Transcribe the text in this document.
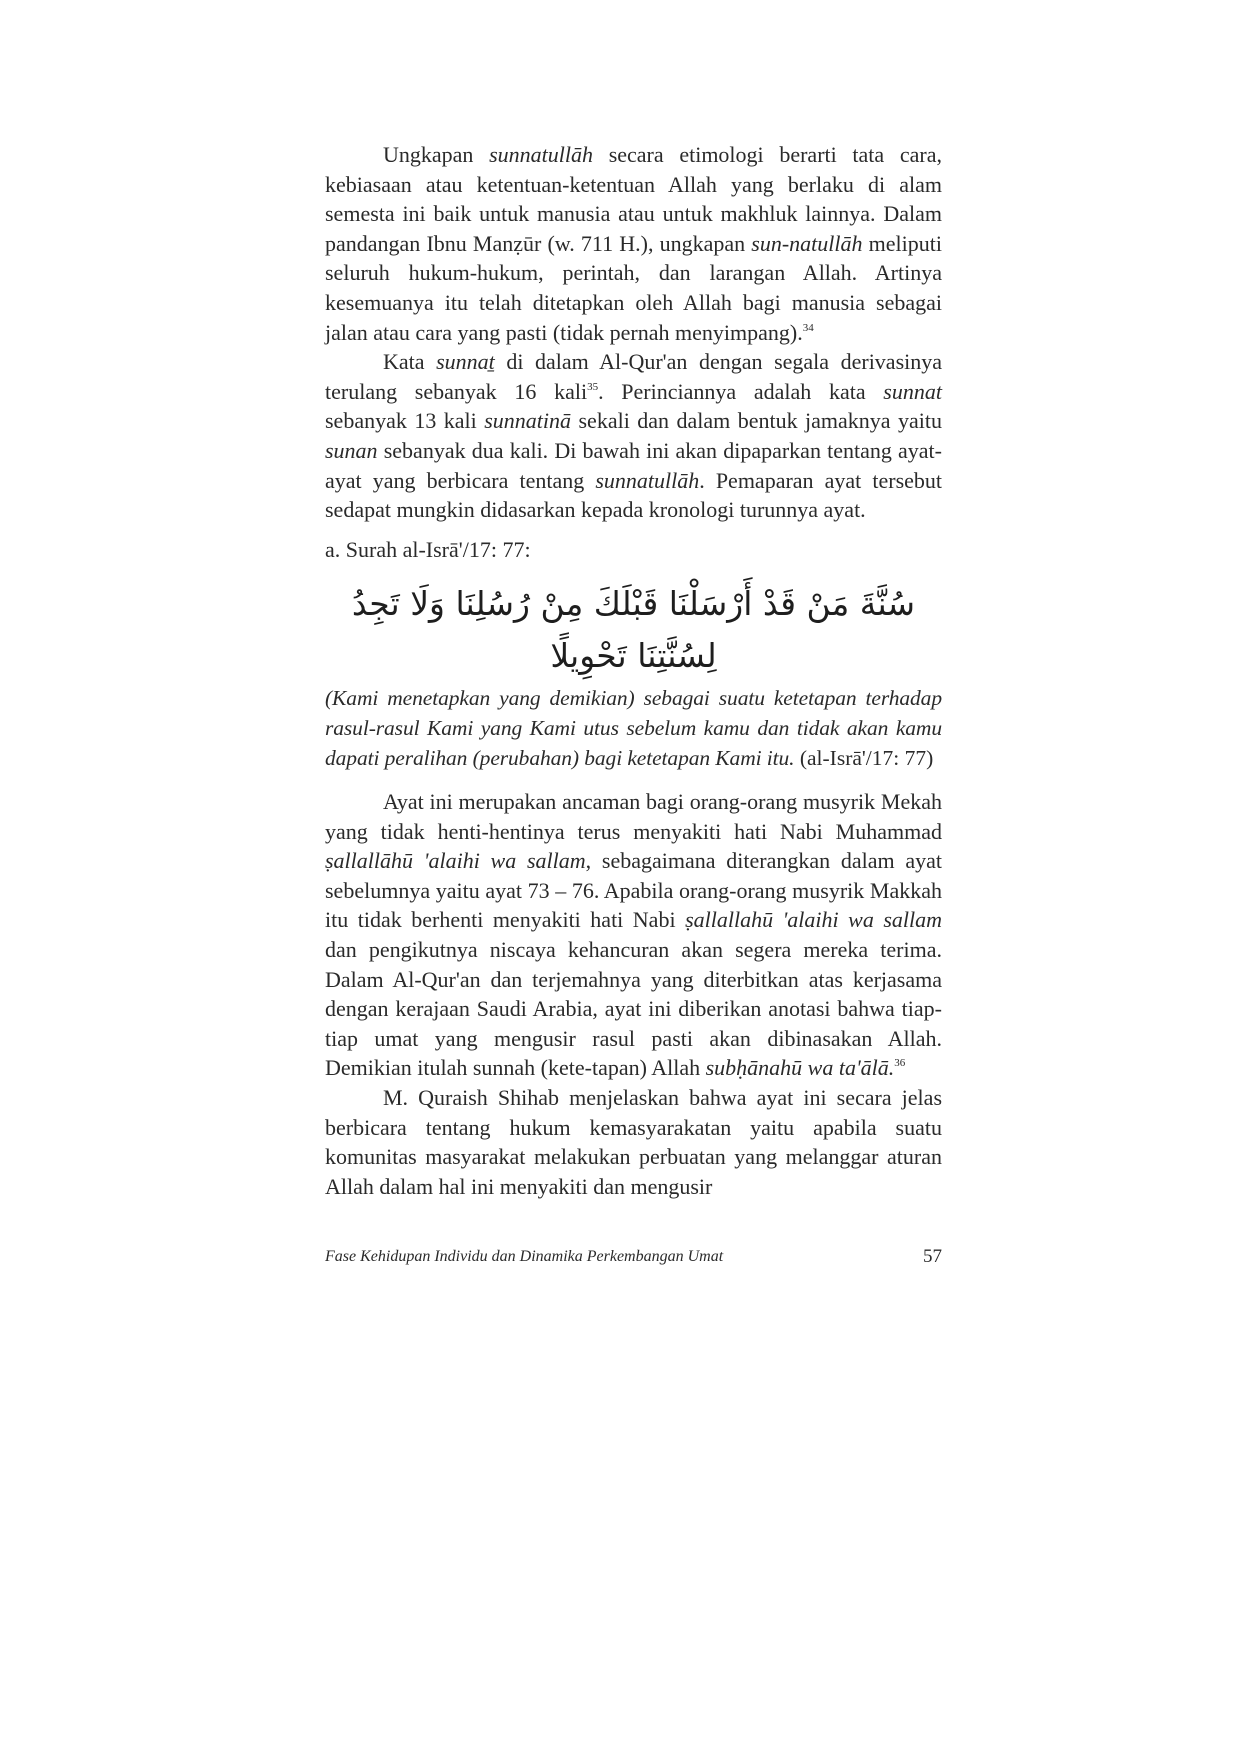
Ungkapan sunnatullāh secara etimologi berarti tata cara, kebiasaan atau ketentuan-ketentuan Allah yang berlaku di alam semesta ini baik untuk manusia atau untuk makhluk lainnya. Dalam pandangan Ibnu Manẓūr (w. 711 H.), ungkapan sun-natullāh meliputi seluruh hukum-hukum, perintah, dan larangan Allah. Artinya kesemuanya itu telah ditetapkan oleh Allah bagi manusia sebagai jalan atau cara yang pasti (tidak pernah menyimpang).$^{34}$

Kata sunnaṯ di dalam Al-Qur'an dengan segala derivasinya terulang sebanyak 16 kali$^{35}$. Perinciannya adalah kata sunnat sebanyak 13 kali sunnatinā sekali dan dalam bentuk jamaknya yaitu sunan sebanyak dua kali. Di bawah ini akan dipaparkan tentang ayat-ayat yang berbicara tentang sunnatullāh. Pemaparan ayat tersebut sedapat mungkin didasarkan kepada kronologi turunnya ayat.

a. Surah al-Isrā'/17: 77:

سُنَّةَ مَنْ قَدْ أَرْسَلْنَا قَبْلَكَ مِنْ رُسُلِنَا وَلَا تَجِدُ لِسُنَّتِنَا تَحْوِيلًا

(Kami menetapkan yang demikian) sebagai suatu ketetapan terhadap rasul-rasul Kami yang Kami utus sebelum kamu dan tidak akan kamu dapati peralihan (perubahan) bagi ketetapan Kami itu. (al-Isrā'/17: 77)

Ayat ini merupakan ancaman bagi orang-orang musyrik Mekah yang tidak henti-hentinya terus menyakiti hati Nabi Muhammad ṣallallāhū 'alaihi wa sallam, sebagaimana diterangkan dalam ayat sebelumnya yaitu ayat 73 – 76. Apabila orang-orang musyrik Makkah itu tidak berhenti menyakiti hati Nabi ṣallallahū 'alaihi wa sallam dan pengikutnya niscaya kehancuran akan segera mereka terima. Dalam Al-Qur'an dan terjemahnya yang diterbitkan atas kerjasama dengan kerajaan Saudi Arabia, ayat ini diberikan anotasi bahwa tiap-tiap umat yang mengusir rasul pasti akan dibinasakan Allah. Demikian itulah sunnah (kete-tapan) Allah subḥānahū wa ta'ālā.$^{36}$

M. Quraish Shihab menjelaskan bahwa ayat ini secara jelas berbicara tentang hukum kemasyarakatan yaitu apabila suatu komunitas masyarakat melakukan perbuatan yang melanggar aturan Allah dalam hal ini menyakiti dan mengusir

Fase Kehidupan Individu dan Dinamika Perkembangan Umat	57
